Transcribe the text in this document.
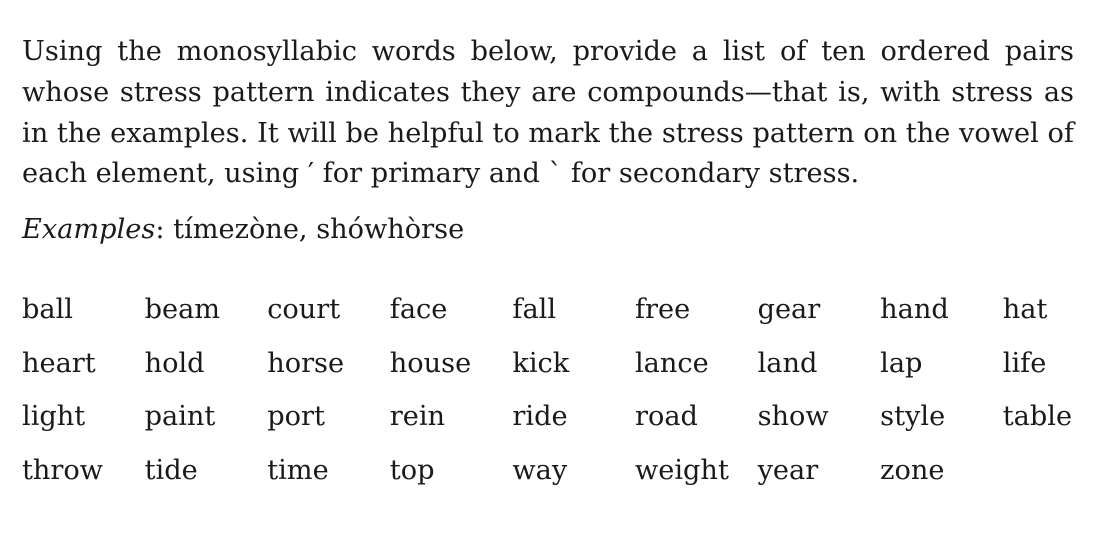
Using the monosyllabic words below, provide a list of ten ordered pairs whose stress pattern indicates they are compounds—that is, with stress as in the examples. It will be helpful to mark the stress pattern on the vowel of each element, using ′ for primary and ˋ for secondary stress.

Examples: tímezòne, shówhòrse

ball	beam	court	face	fall	free	gear	hand	hat
heart	hold	horse	house	kick	lance	land	lap	life
light	paint	port	rein	ride	road	show	style	table
throw	tide	time	top	way	weight	year	zone
